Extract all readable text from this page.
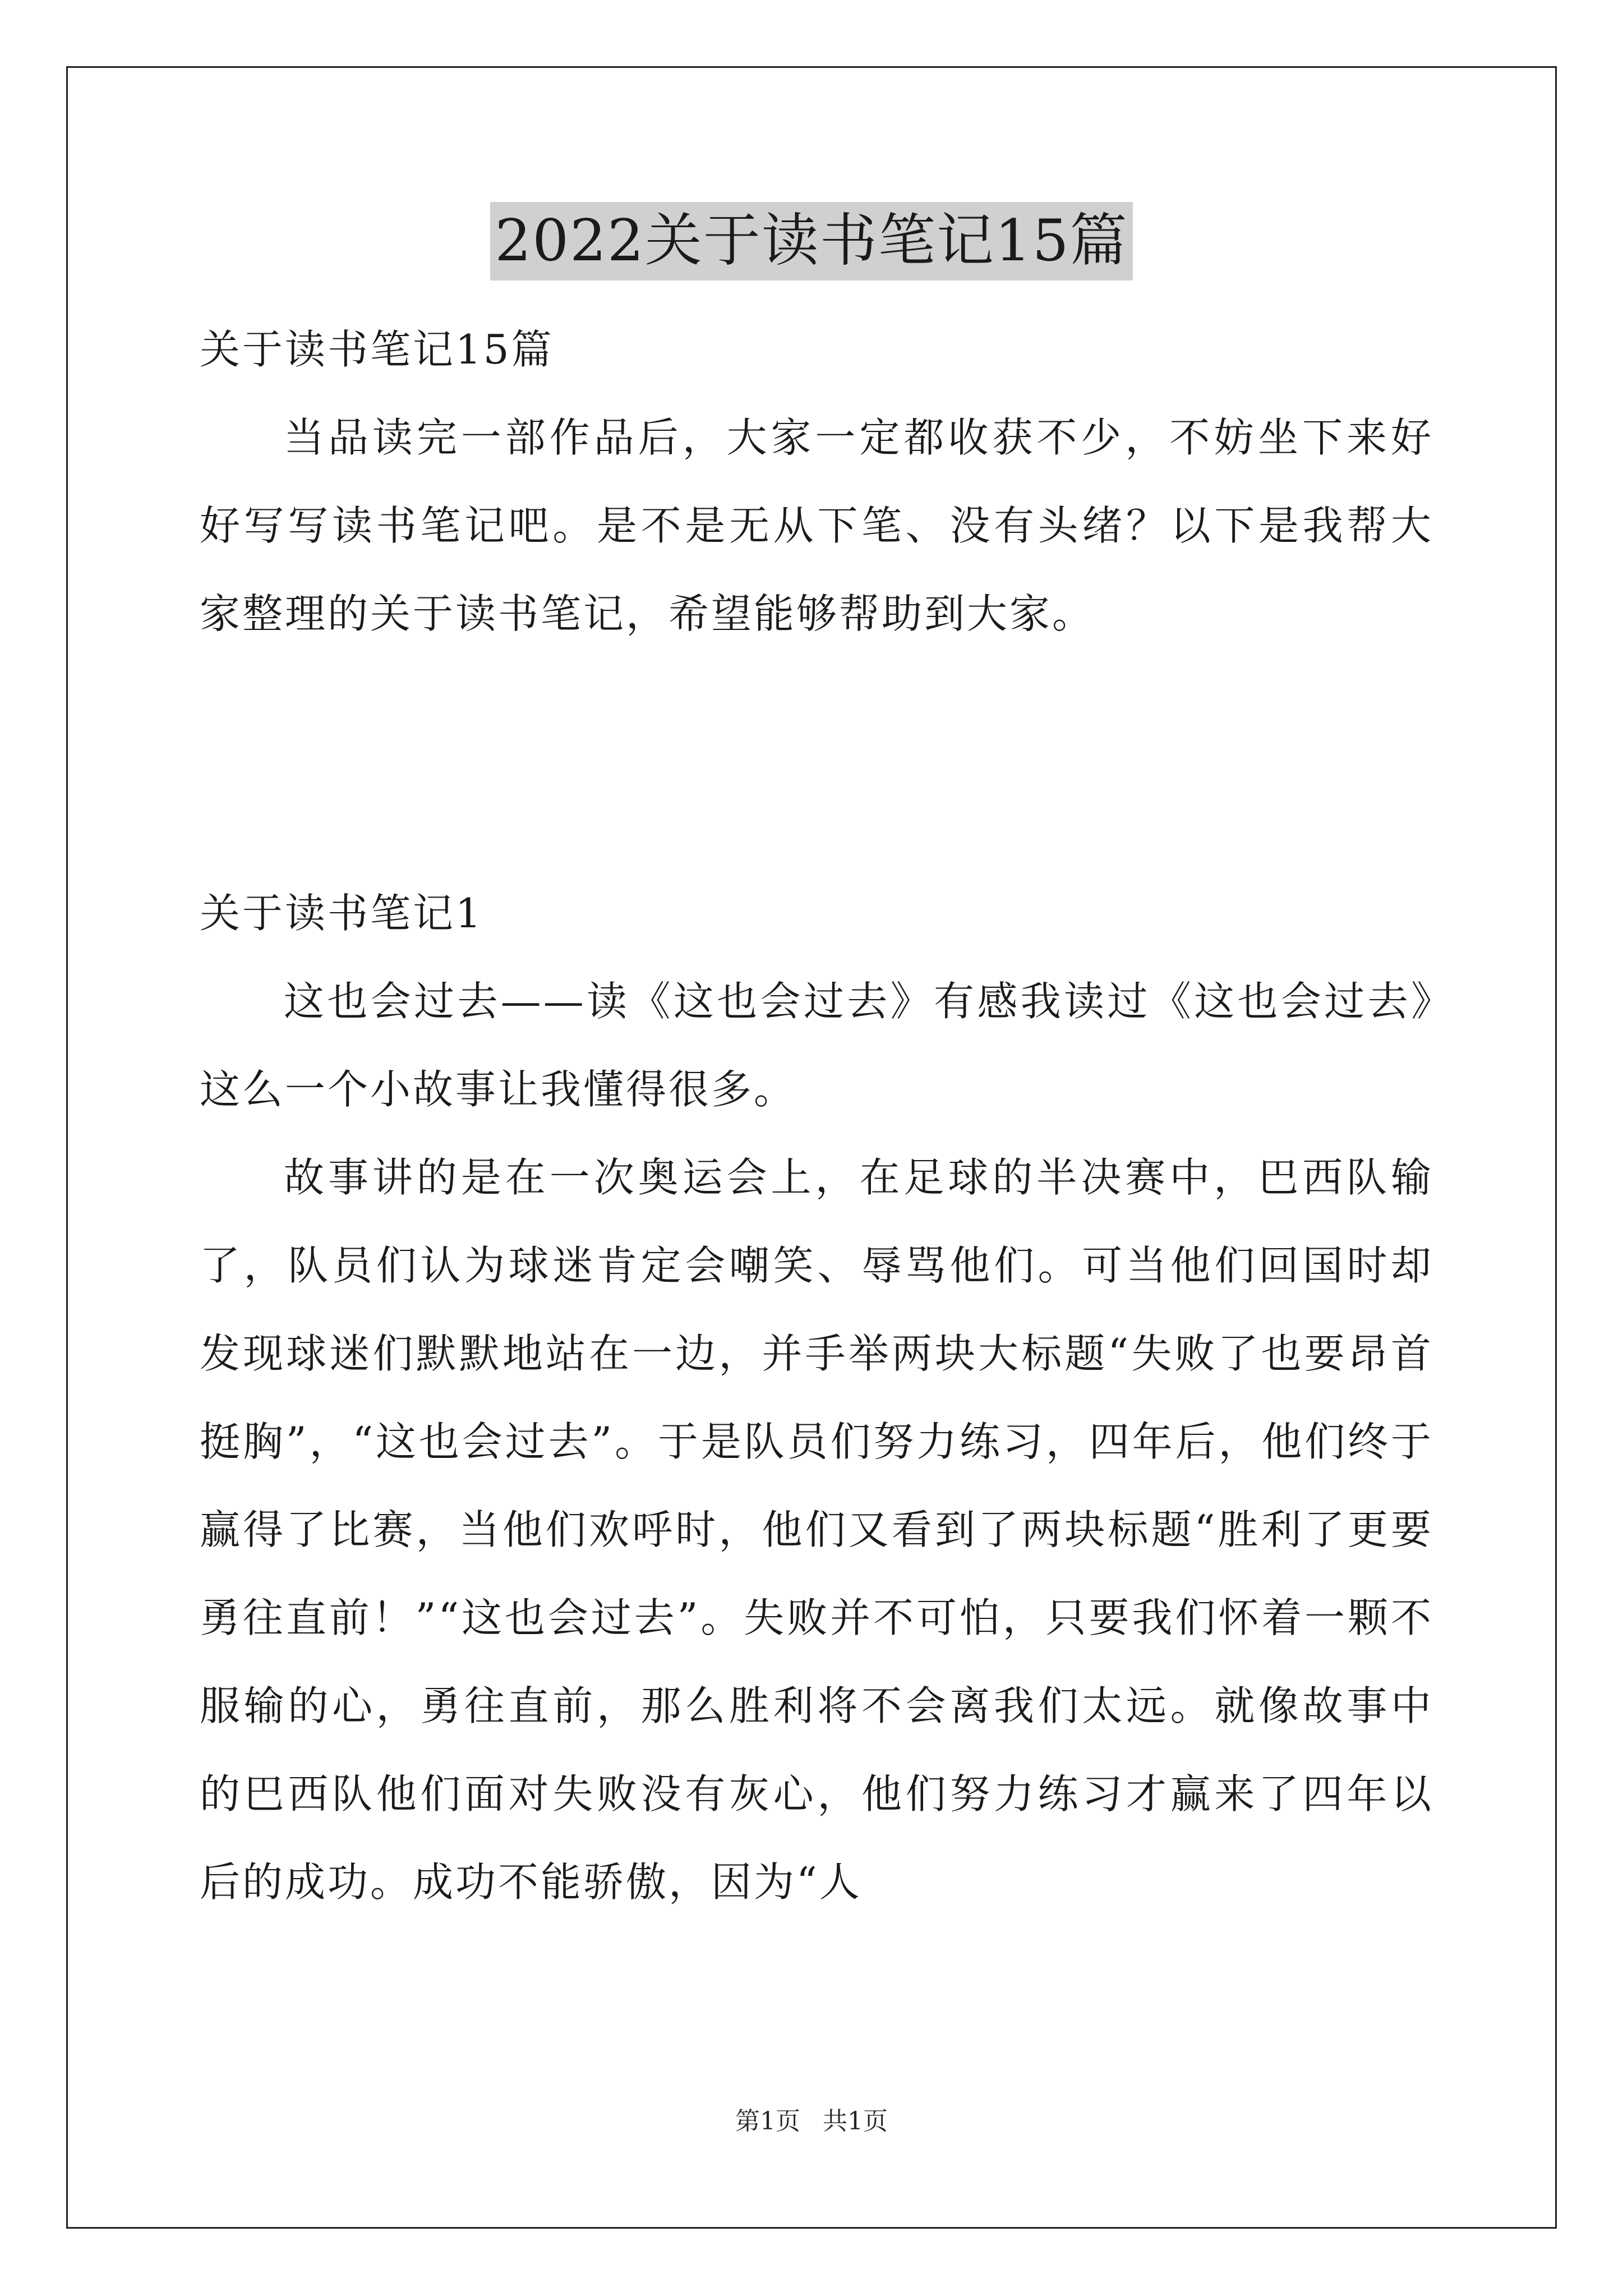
2022关于读书笔记15篇

关于读书笔记15篇

当品读完一部作品后，大家一定都收获不少，不妨坐下来好好写写读书笔记吧。是不是无从下笔、没有头绪？以下是我帮大家整理的关于读书笔记，希望能够帮助到大家。

关于读书笔记1

这也会过去——读《这也会过去》有感我读过《这也会过去》这么一个小故事让我懂得很多。

故事讲的是在一次奥运会上，在足球的半决赛中，巴西队输了，队员们认为球迷肯定会嘲笑、辱骂他们。可当他们回国时却发现球迷们默默地站在一边，并手举两块大标题“失败了也要昂首挺胸”，“这也会过去”。于是队员们努力练习，四年后，他们终于赢得了比赛，当他们欢呼时，他们又看到了两块标题“胜利了更要勇往直前！”“这也会过去”。失败并不可怕，只要我们怀着一颗不服输的心，勇往直前，那么胜利将不会离我们太远。就像故事中的巴西队他们面对失败没有灰心，他们努力练习才赢来了四年以后的成功。成功不能骄傲，因为“人

第1页 共1页
